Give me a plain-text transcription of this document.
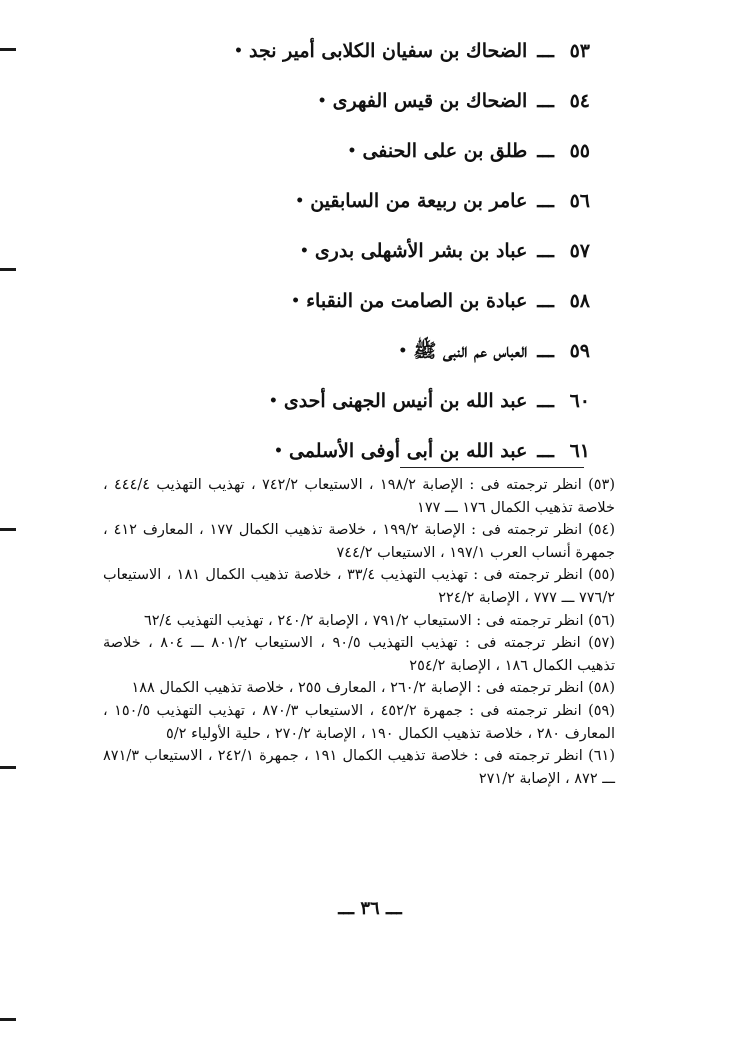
٥٣
ـــ
الضحاك بن سفيان الكلابى أمير نجد
•
٥٤
ـــ
الضحاك بن قيس الفهرى
•
٥٥
ـــ
طلق بن على الحنفى
•
٥٦
ـــ
عامر بن ربيعة من السابقين
•
٥٧
ـــ
عباد بن بشر الأشهلى بدرى
•
٥٨
ـــ
عبادة بن الصامت من النقباء
•
٥٩
ـــ
العباس عم النبى ﷺ
•
٦٠
ـــ
عبد الله بن أنيس الجهنى أحدى
•
٦١
ـــ
عبد الله بن أبى أوفى الأسلمى
•

(٥٣) انظر ترجمته فى : الإصابة ١٩٨/٢ ، الاستيعاب ٧٤٢/٢ ، تهذيب التهذيب ٤٤٤/٤ ، خلاصة تذهيب الكمال ١٧٦ ـــ ١٧٧

(٥٤) انظر ترجمته فى : الإصابة ١٩٩/٢ ، خلاصة تذهيب الكمال ١٧٧ ، المعارف ٤١٢ ، جمهرة أنساب العرب ١٩٧/١ ، الاستيعاب ٧٤٤/٢

(٥٥) انظر ترجمته فى : تهذيب التهذيب ٣٣/٤ ، خلاصة تذهيب الكمال ١٨١ ، الاستيعاب ٧٧٦/٢ ـــ ٧٧٧ ، الإصابة ٢٢٤/٢

(٥٦) انظر ترجمته فى : الاستيعاب ٧٩١/٢ ، الإصابة ٢٤٠/٢ ، تهذيب التهذيب ٦٢/٤

(٥٧) انظر ترجمته فى : تهذيب التهذيب ٩٠/٥ ، الاستيعاب ٨٠١/٢ ـــ ٨٠٤ ، خلاصة تذهيب الكمال ١٨٦ ، الإصابة ٢٥٤/٢

(٥٨) انظر ترجمته فى : الإصابة ٢٦٠/٢ ، المعارف ٢٥٥ ، خلاصة تذهيب الكمال ١٨٨

(٥٩) انظر ترجمته فى : جمهرة ٤٥٢/٢ ، الاستيعاب ٨٧٠/٣ ، تهذيب التهذيب ١٥٠/٥ ، المعارف ٢٨٠ ، خلاصة تذهيب الكمال ١٩٠ ، الإصابة ٢٧٠/٢ ، حلية الأولياء ٥/٢

(٦١) انظر ترجمته فى : خلاصة تذهيب الكمال ١٩١ ، جمهرة ٢٤٢/١ ، الاستيعاب ٨٧١/٣ ـــ ٨٧٢ ، الإصابة ٢٧١/٢

ـــ ٣٦ ـــ
